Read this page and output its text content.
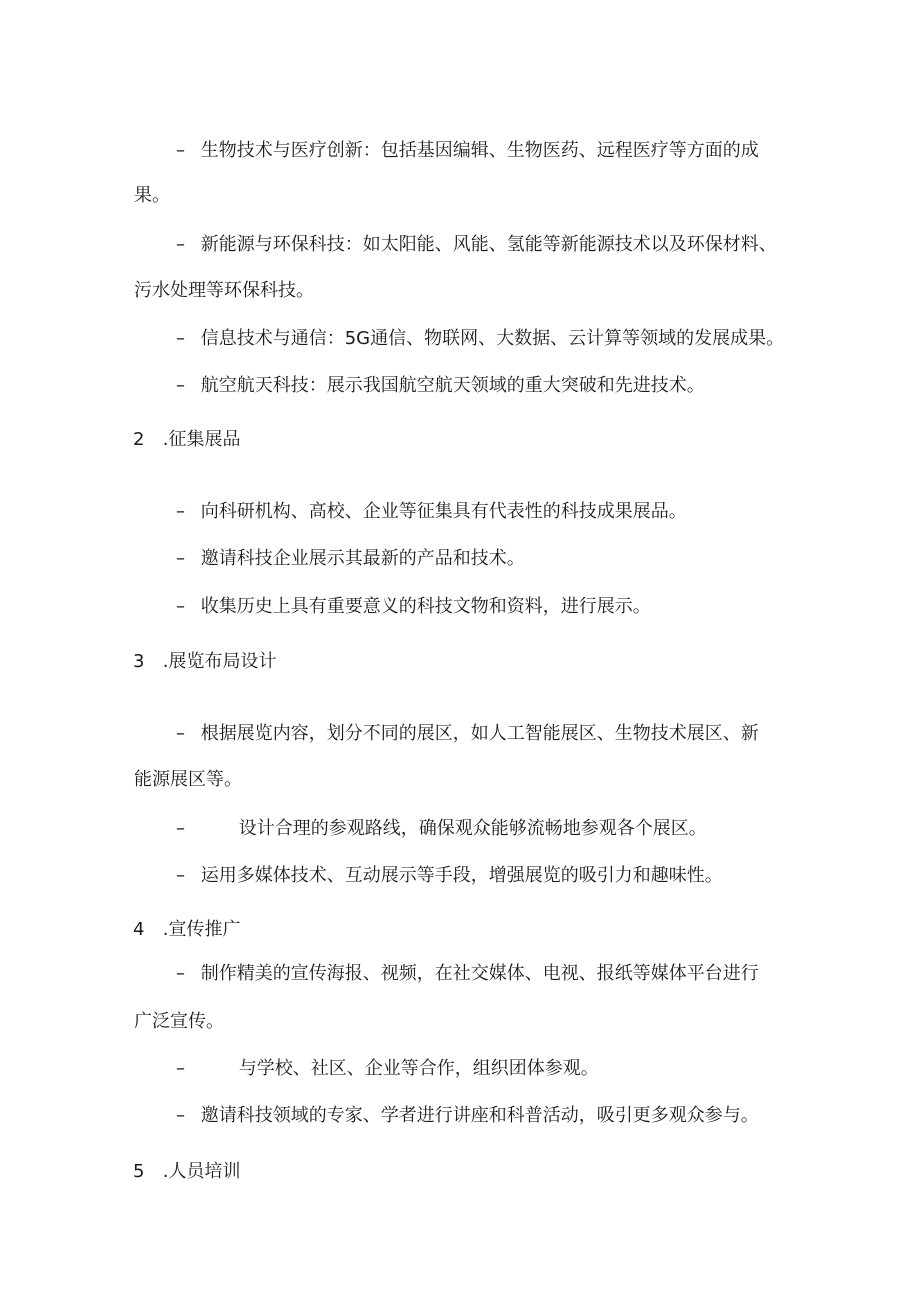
– 生物技术与医疗创新：包括基因编辑、生物医药、远程医疗等方面的成
果。
– 新能源与环保科技：如太阳能、风能、氢能等新能源技术以及环保材料、
污水处理等环保科技。
– 信息技术与通信：5G通信、物联网、大数据、云计算等领域的发展成果。
– 航空航天科技：展示我国航空航天领域的重大突破和先进技术。
2 .征集展品
– 向科研机构、高校、企业等征集具有代表性的科技成果展品。
– 邀请科技企业展示其最新的产品和技术。
– 收集历史上具有重要意义的科技文物和资料，进行展示。
3 .展览布局设计
– 根据展览内容，划分不同的展区，如人工智能展区、生物技术展区、新
能源展区等。
–	设计合理的参观路线，确保观众能够流畅地参观各个展区。
– 运用多媒体技术、互动展示等手段，增强展览的吸引力和趣味性。
4 .宣传推广
– 制作精美的宣传海报、视频，在社交媒体、电视、报纸等媒体平台进行
广泛宣传。
–	与学校、社区、企业等合作，组织团体参观。
– 邀请科技领域的专家、学者进行讲座和科普活动，吸引更多观众参与。
5 .人员培训
